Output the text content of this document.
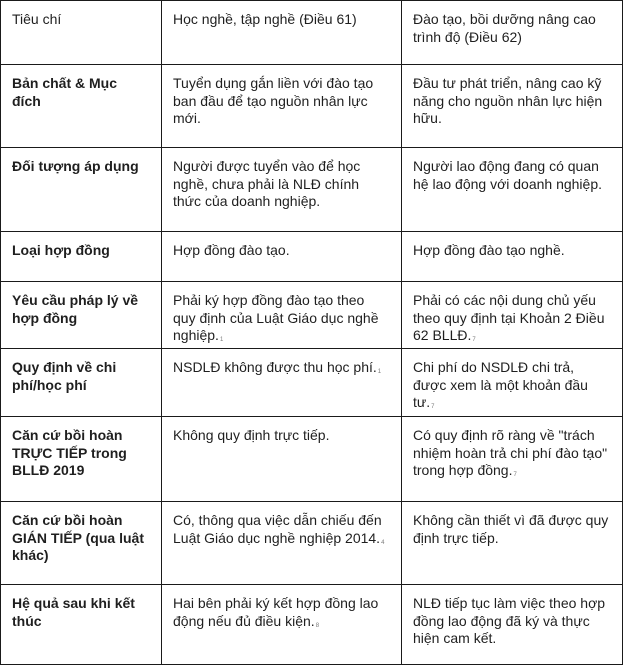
Tiêu chí	Học nghề, tập nghề (Điều 61)	Đào tạo, bồi dưỡng nâng cao trình độ (Điều 62)
Bản chất & Mục đích	Tuyển dụng gắn liền với đào tạo ban đầu để tạo nguồn nhân lực mới.	Đầu tư phát triển, nâng cao kỹ năng cho nguồn nhân lực hiện hữu.
Đối tượng áp dụng	Người được tuyển vào để học nghề, chưa phải là NLĐ chính thức của doanh nghiệp.	Người lao động đang có quan hệ lao động với doanh nghiệp.
Loại hợp đồng	Hợp đồng đào tạo.	Hợp đồng đào tạo nghề.
Yêu cầu pháp lý về hợp đồng	Phải ký hợp đồng đào tạo theo quy định của Luật Giáo dục nghề nghiệp.$^1$	Phải có các nội dung chủ yếu theo quy định tại Khoản 2 Điều 62 BLLĐ.$^7$
Quy định về chi phí/học phí	NSDLĐ không được thu học phí.$^1$	Chi phí do NSDLĐ chi trả, được xem là một khoản đầu tư.$^7$
Căn cứ bồi hoàn TRỰC TIẾP trong BLLĐ 2019	Không quy định trực tiếp.	Có quy định rõ ràng về "trách nhiệm hoàn trả chi phí đào tạo" trong hợp đồng.$^7$
Căn cứ bồi hoàn GIÁN TIẾP (qua luật khác)	Có, thông qua việc dẫn chiếu đến Luật Giáo dục nghề nghiệp 2014.$^4$	Không cần thiết vì đã được quy định trực tiếp.
Hệ quả sau khi kết thúc	Hai bên phải ký kết hợp đồng lao động nếu đủ điều kiện.$^8$	NLĐ tiếp tục làm việc theo hợp đồng lao động đã ký và thực hiện cam kết.
